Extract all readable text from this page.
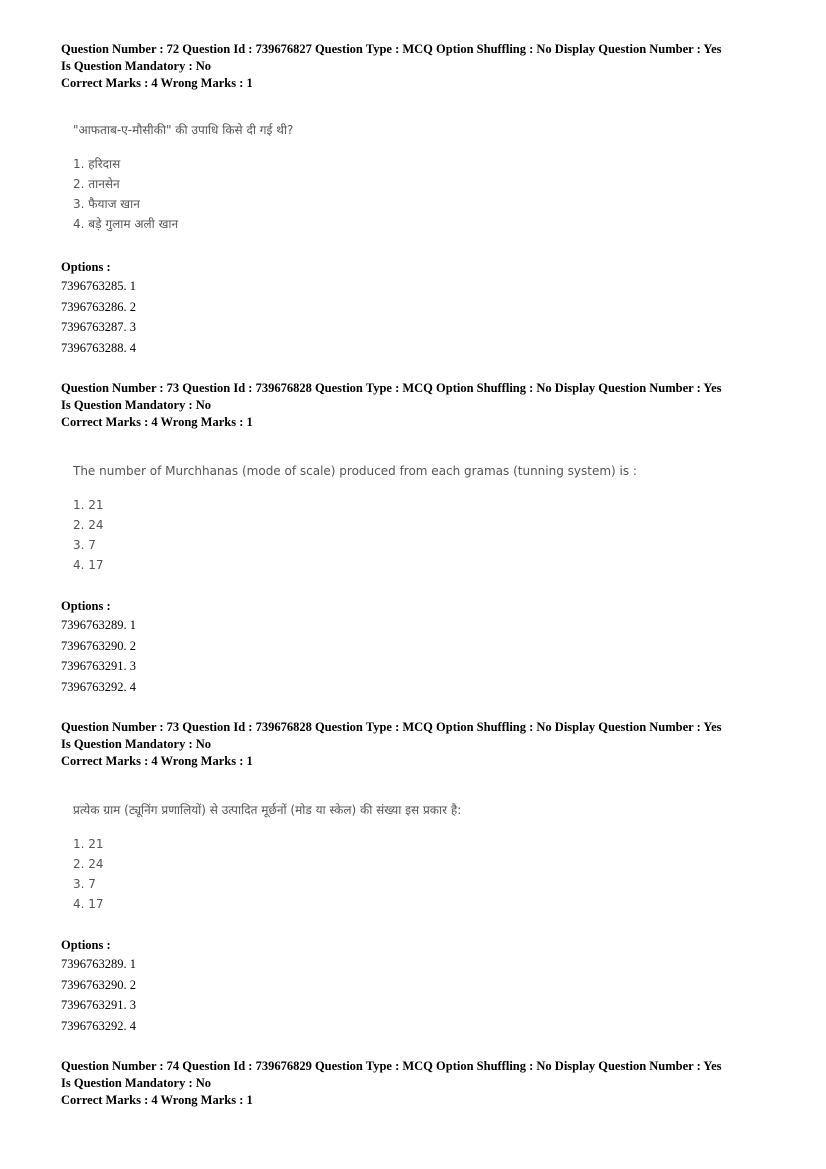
Question Number : 72 Question Id : 739676827 Question Type : MCQ Option Shuffling : No Display Question Number : Yes
Is Question Mandatory : No
Correct Marks : 4 Wrong Marks : 1
"आफताब-ए-मौसीकी" की उपाधि किसे दी गई थी?
1. हरिदास
2. तानसेन
3. फैयाज खान
4. बड़े गुलाम अली खान
Options :
7396763285. 1
7396763286. 2
7396763287. 3
7396763288. 4
Question Number : 73 Question Id : 739676828 Question Type : MCQ Option Shuffling : No Display Question Number : Yes
Is Question Mandatory : No
Correct Marks : 4 Wrong Marks : 1
The number of Murchhanas (mode of scale) produced from each gramas (tunning system) is :
1. 21
2. 24
3. 7
4. 17
Options :
7396763289. 1
7396763290. 2
7396763291. 3
7396763292. 4
Question Number : 73 Question Id : 739676828 Question Type : MCQ Option Shuffling : No Display Question Number : Yes
Is Question Mandatory : No
Correct Marks : 4 Wrong Marks : 1
प्रत्येक ग्राम (ट्यूनिंग प्रणालियों) से उत्पादित मूर्छनों (मोड या स्केल) की संख्या इस प्रकार है:
1. 21
2. 24
3. 7
4. 17
Options :
7396763289. 1
7396763290. 2
7396763291. 3
7396763292. 4
Question Number : 74 Question Id : 739676829 Question Type : MCQ Option Shuffling : No Display Question Number : Yes
Is Question Mandatory : No
Correct Marks : 4 Wrong Marks : 1
